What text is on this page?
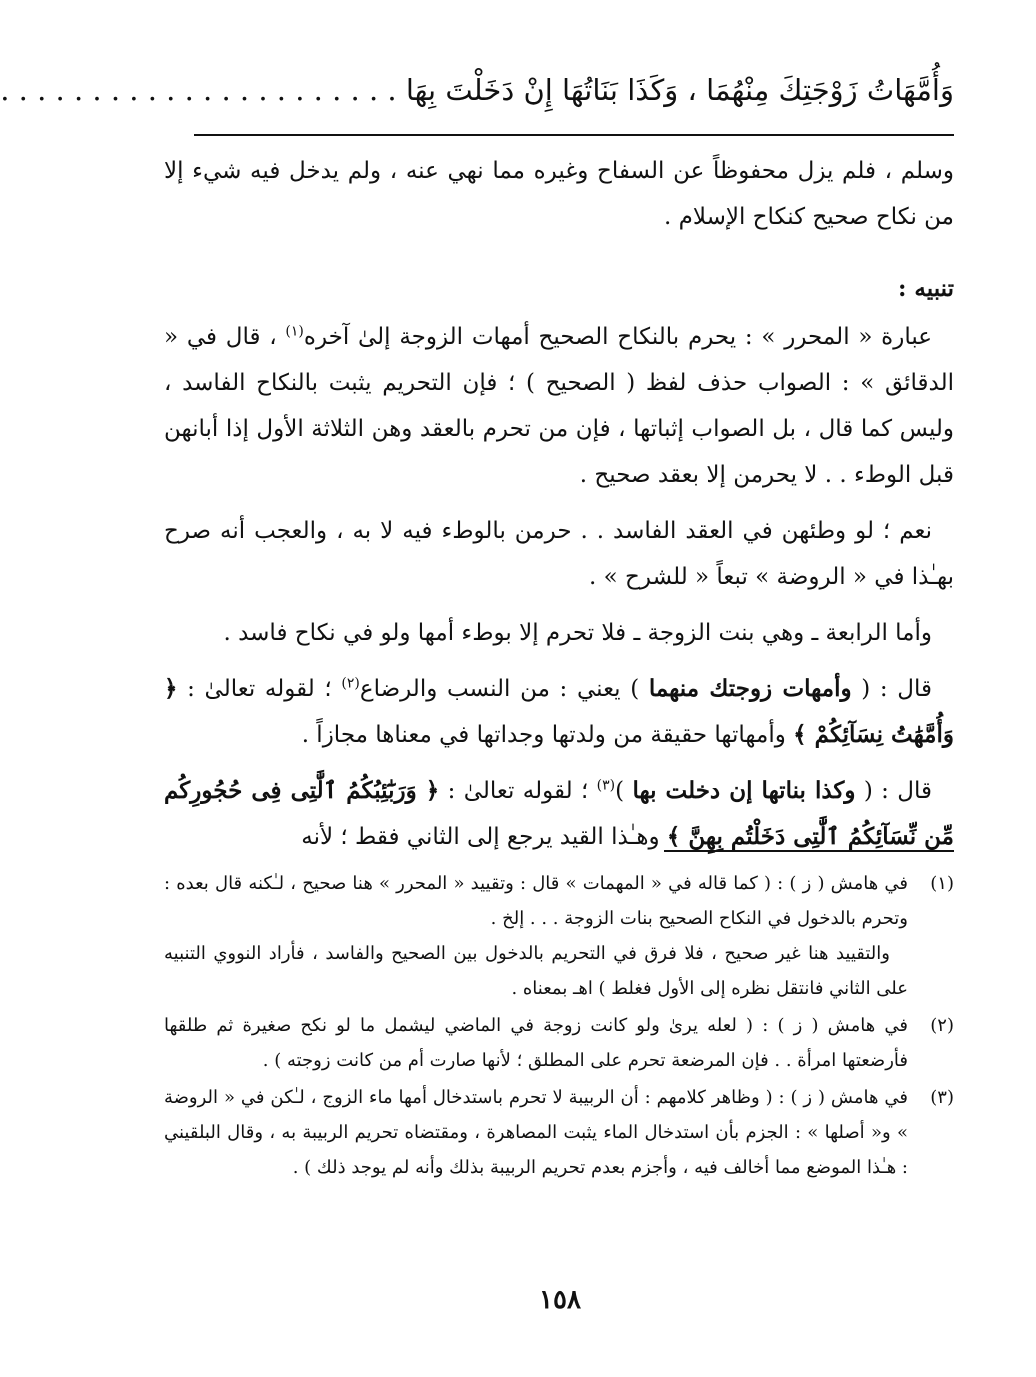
وَأُمَّهَاتُ زَوْجَتِكَ مِنْهُمَا ، وَكَذَا بَنَاتُهَا إِنْ دَخَلْتَ بِهَا . . . . . . . . . . . . . . . . . . . . . .

وسلم ، فلم يزل محفوظاً عن السفاح وغيره مما نهي عنه ، ولم يدخل فيه شيء إلا من نكاح صحيح كنكاح الإسلام .

تنبيه :

عبارة « المحرر » : يحرم بالنكاح الصحيح أمهات الزوجة إلىٰ آخره$^{(١)}$ ، قال في « الدقائق » : الصواب حذف لفظ ( الصحيح ) ؛ فإن التحريم يثبت بالنكاح الفاسد ، وليس كما قال ، بل الصواب إثباتها ، فإن من تحرم بالعقد وهن الثلاثة الأول إذا أبانهن قبل الوطء . . لا يحرمن إلا بعقد صحيح .

نعم ؛ لو وطئهن في العقد الفاسد . . حرمن بالوطء فيه لا به ، والعجب أنه صرح بهـٰذا في « الروضة » تبعاً « للشرح » .

وأما الرابعة ـ وهي بنت الزوجة ـ فلا تحرم إلا بوطء أمها ولو في نكاح فاسد .

قال : ( وأمهات زوجتك منهما ) يعني : من النسب والرضاع$^{(٢)}$ ؛ لقوله تعالىٰ : ﴿ وَأُمَّهَٰتُ نِسَآئِكُمْ ﴾ وأمهاتها حقيقة من ولدتها وجداتها في معناها مجازاً .

قال : ( وكذا بناتها إن دخلت بها )$^{(٣)}$ ؛ لقوله تعالىٰ : ﴿ وَرَبَٰٓئِبُكُمُ ٱلَّٰتِى فِى حُجُورِكُم مِّن نِّسَآئِكُمُ ٱلَّٰتِى دَخَلْتُم بِهِنَّ ﴾ وهـٰذا القيد يرجع إلى الثاني فقط ؛ لأنه

(١)

في هامش ( ز ) : ( كما قاله في « المهمات » قال : وتقييد « المحرر » هنا صحيح ، لـٰكنه قال بعده : وتحرم بالدخول في النكاح الصحيح بنات الزوجة . . . إلخ .

والتقييد هنا غير صحيح ، فلا فرق في التحريم بالدخول بين الصحيح والفاسد ، فأراد النووي التنبيه على الثاني فانتقل نظره إلى الأول فغلط ) اهـ بمعناه .

(٢)

في هامش ( ز ) : ( لعله يرىٰ ولو كانت زوجة في الماضي ليشمل ما لو نكح صغيرة ثم طلقها فأرضعتها امرأة . . فإن المرضعة تحرم على المطلق ؛ لأنها صارت أم من كانت زوجته ) .

(٣)

في هامش ( ز ) : ( وظاهر كلامهم : أن الربيبة لا تحرم باستدخال أمها ماء الزوج ، لـٰكن في « الروضة » و« أصلها » : الجزم بأن استدخال الماء يثبت المصاهرة ، ومقتضاه تحريم الربيبة به ، وقال البلقيني : هـٰذا الموضع مما أخالف فيه ، وأجزم بعدم تحريم الربيبة بذلك وأنه لم يوجد ذلك ) .

١٥٨
